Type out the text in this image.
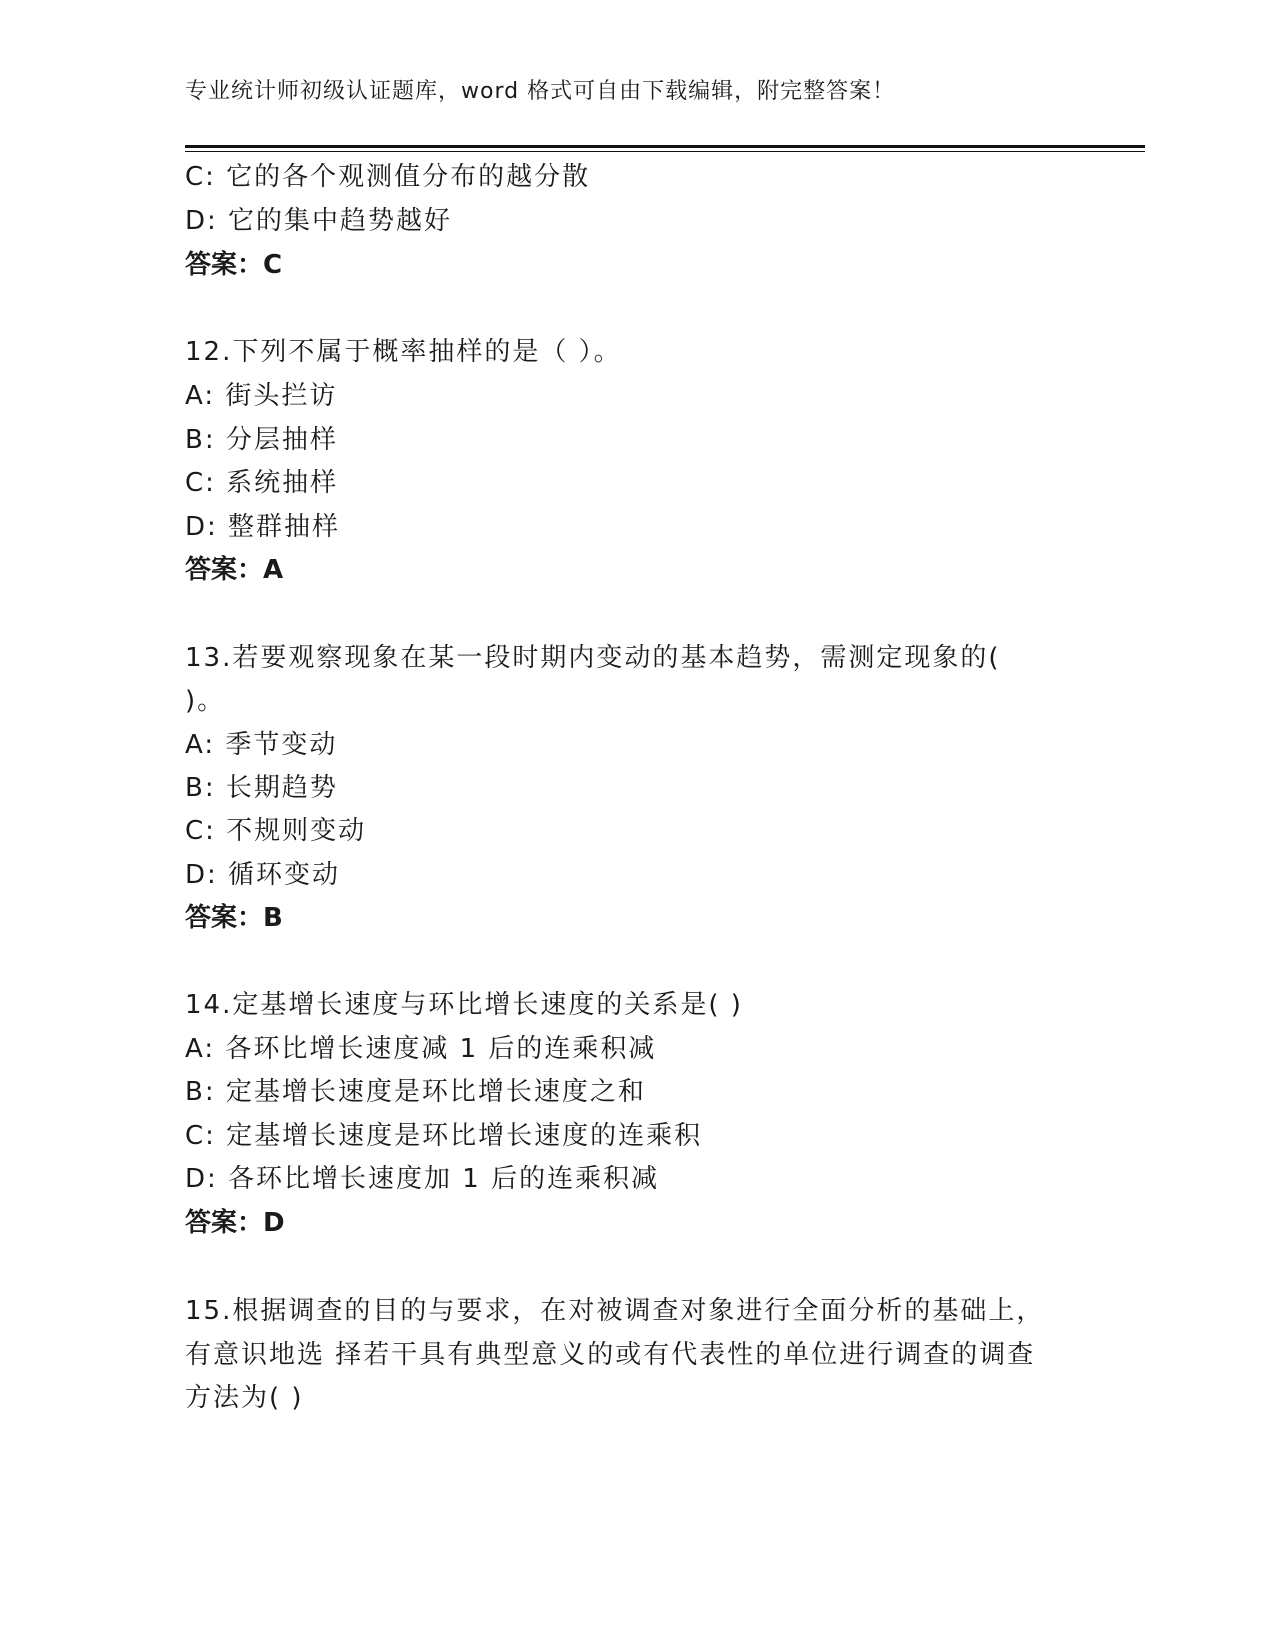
专业统计师初级认证题库，word 格式可自由下载编辑，附完整答案！
C: 它的各个观测值分布的越分散
D: 它的集中趋势越好
答案：C
12.下列不属于概率抽样的是（ ）。
A: 街头拦访
B: 分层抽样
C: 系统抽样
D: 整群抽样
答案：A
13.若要观察现象在某一段时期内变动的基本趋势，需测定现象的(
)。
A: 季节变动
B: 长期趋势
C: 不规则变动
D: 循环变动
答案：B
14.定基增长速度与环比增长速度的关系是( )
A: 各环比增长速度减 1 后的连乘积减
B: 定基增长速度是环比增长速度之和
C: 定基增长速度是环比增长速度的连乘积
D: 各环比增长速度加 1 后的连乘积减
答案：D
15.根据调查的目的与要求，在对被调查对象进行全面分析的基础上，
有意识地选 择若干具有典型意义的或有代表性的单位进行调查的调查
方法为( )
